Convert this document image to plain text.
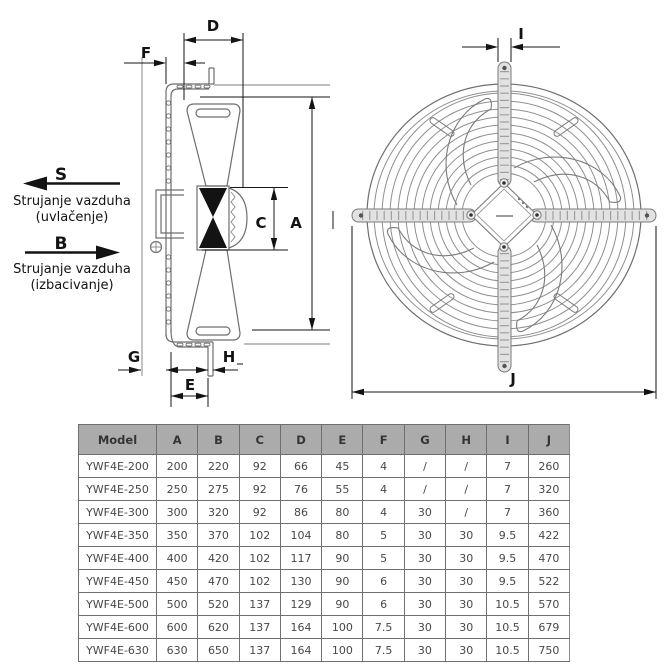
S
Strujanje vazduha
(uvlačenje)
B
Strujanje vazduha
(izbacivanje)
D
F
C A
G	H
E
I
J
Model	A	B	C	D	E	F	G	H	I	J
YWF4E-200	200	220	92	66	45	4	/	/	7	260
YWF4E-250	250	275	92	76	55	4	/	/	7	320
YWF4E-300	300	320	92	86	80	4	30	/	7	360
YWF4E-350	350	370	102	104	80	5	30	30	9.5	422
YWF4E-400	400	420	102	117	90	5	30	30	9.5	470
YWF4E-450	450	470	102	130	90	6	30	30	9.5	522
YWF4E-500	500	520	137	129	90	6	30	30	10.5	570
YWF4E-600	600	620	137	164	100	7.5	30	30	10.5	679
YWF4E-630	630	650	137	164	100	7.5	30	30	10.5	750
